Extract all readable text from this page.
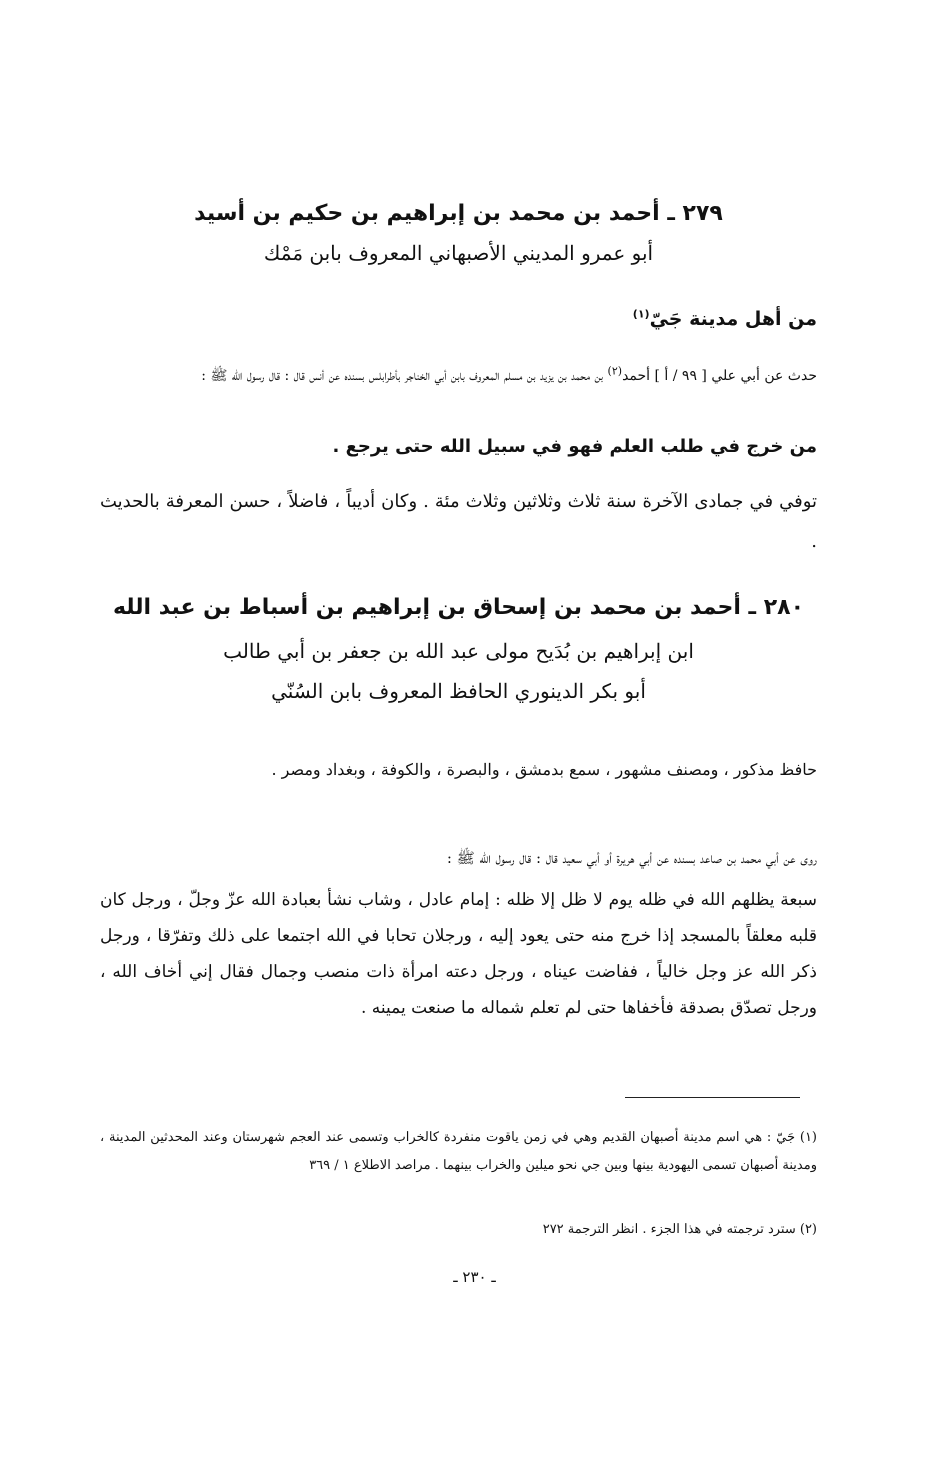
٢٧٩ ـ أحمد بن محمد بن إبراهيم بن حكيم بن أسيد

أبو عمرو المديني الأصبهاني المعروف بابن مَمْك

من أهل مدينة جَيّ$^{(١)}$

حدث عن أبي علي [ ٩٩ / أ ] أحمد$^{(٢)}$ بن محمد بن يزيد بن مسلم المعروف بابن أبي الخناجر بأطرابلس بسنده عن أنس قال : قال رسول الله ﷺ :

من خرج في طلب العلم فهو في سبيل الله حتى يرجع .

توفي في جمادى الآخرة سنة ثلاث وثلاثين وثلاث مئة . وكان أديباً ، فاضلاً ، حسن المعرفة بالحديث .

٢٨٠ ـ أحمد بن محمد بن إسحاق بن إبراهيم بن أسباط بن عبد الله

ابن إبراهيم بن بُدَيح مولى عبد الله بن جعفر بن أبي طالب

أبو بكر الدينوري الحافظ المعروف بابن السُنّي

حافظ مذكور ، ومصنف مشهور ، سمع بدمشق ، والبصرة ، والكوفة ، وبغداد ومصر .

روى عن أبي محمد بن صاعد بسنده عن أبي هريرة أو أبي سعيد قال : قال رسول الله ﷺ :

سبعة يظلهم الله في ظله يوم لا ظل إلا ظله : إمام عادل ، وشاب نشأ بعبادة الله عزّ وجلّ ، ورجل كان قلبه معلقاً بالمسجد إذا خرج منه حتى يعود إليه ، ورجلان تحابا في الله اجتمعا على ذلك وتفرّقا ، ورجل ذكر الله عز وجل خالياً ، ففاضت عيناه ، ورجل دعته امرأة ذات منصب وجمال فقال إني أخاف الله ، ورجل تصدّق بصدقة فأخفاها حتى لم تعلم شماله ما صنعت يمينه .

(١) جَيّ : هي اسم مدينة أصبهان القديم وهي في زمن ياقوت منفردة كالخراب وتسمى عند العجم شهرستان وعند المحدثين المدينة ، ومدينة أصبهان تسمى اليهودية بينها وبين جي نحو ميلين والخراب بينهما . مراصد الاطلاع ١ / ٣٦٩

(٢) سترد ترجمته في هذا الجزء . انظر الترجمة ٢٧٢

ـ ٢٣٠ ـ
